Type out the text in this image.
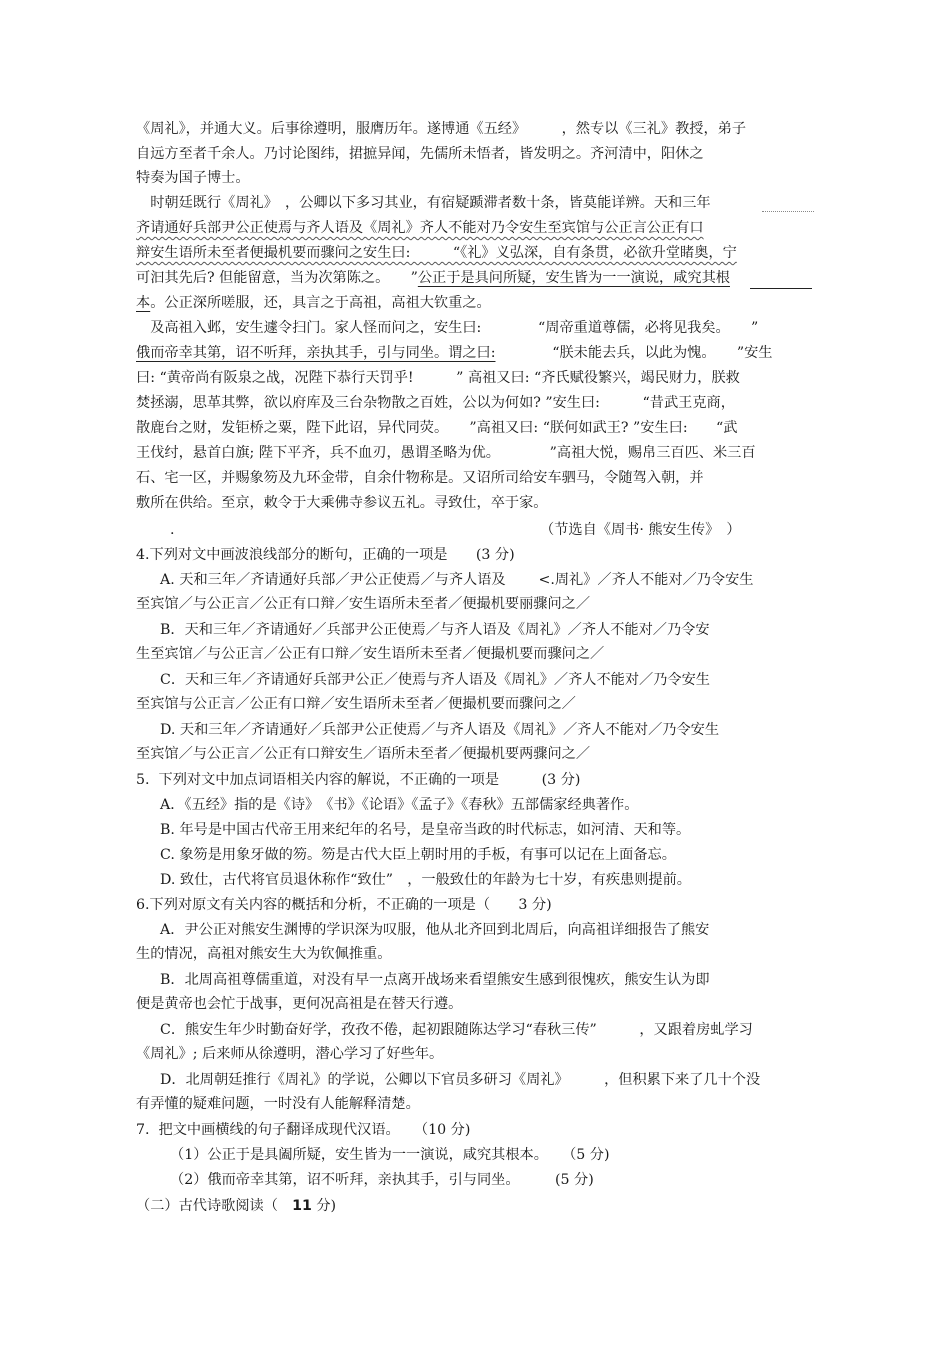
《周礼》，并通大义。后事徐遵明，服膺历年。遂博通《五经》　　　，然专以《三礼》教授，弟子
自远方至者千余人。乃讨论图纬，捃摭异闻，先儒所未悟者，皆发明之。齐河清中，阳休之
特奏为国子博士。
　时朝廷既行《周礼》　，公卿以下多习其业，有宿疑踬滞者数十条，皆莫能详辨。天和三年
齐请通好兵部尹公正使焉与齐人语及《周礼》齐人不能对乃令安生至宾馆与公正言公正有口
辩安生语所未至者便撮机要而骤问之安生曰:　　　“《礼》义弘深，自有条贯，必欲升堂睹奥，宁
可汩其先后? 但能留意，当为次第陈之。　　”公正于是具问所疑，安生皆为一一演说，咸究其根
本。公正深所嗟服，还，具言之于高祖，高祖大钦重之。
　及高祖入邺，安生遽令扫门。家人怪而问之，安生曰:　　　　“周帝重道尊儒，必将见我矣。　　”
俄而帝幸其第，诏不听拜，亲执其手，引与同坐。谓之曰:　　　　“朕未能去兵，以此为愧。　　”安生
曰: “黄帝尚有阪泉之战，况陛下恭行天罚乎!　　　” 高祖又曰: “齐氏赋役繁兴，竭民财力，朕救
焚拯溺，思革其弊，欲以府库及三台杂物散之百姓，公以为何如? ”安生曰:　　　“昔武王克商，
散鹿台之财，发钜桥之粟，陛下此诏，异代同荧。　　”高祖又曰: “朕何如武王? ”安生曰:　　“武
王伐纣，悬首白旗; 陛下平齐，兵不血刃，愚谓圣略为优。　　　　”高祖大悦，赐帛三百匹、米三百
石、宅一区，并赐象笏及九环金带，自余什物称是。又诏所司给安车驷马，令随驾入朝，并
敷所在供给。至京，敕令于大乘佛寺参议五礼。寻致仕，卒于家。
.	（节选自《周书· 熊安生传》　）
4.下列对文中画波浪线部分的断句，正确的一项是　　(3 分)
A. 天和三年／齐请通好兵部／尹公正使焉／与齐人语及　　 <.周礼》／齐人不能对／乃令安生
至宾馆／与公正言／公正有口辩／安生语所未至者／便撮机要丽骤问之／
B．天和三年／齐请通好／兵部尹公正使焉／与齐人语及《周礼》／齐人不能对／乃令安
生至宾馆／与公正言／公正有口辩／安生语所未至者／便撮机要而骤问之／
C．天和三年／齐请通好兵部尹公正／使焉与齐人语及《周礼》／齐人不能对／乃令安生
至宾馆与公正言／公正有口辩／安生语所未至者／便撮机要而骤问之／
D. 天和三年／齐请通好／兵部尹公正使焉／与齐人语及《周礼》／齐人不能对／乃令安生
至宾馆／与公正言／公正有口辩安生／语所未至者／便撮机要两骤问之／
5.  下列对文中加点词语相关内容的解说，不正确的一项是　　　(3 分)
A．《五经》指的是《诗》　《书》《论语》《孟子》《春秋》五部儒家经典著作。
B. 年号是中国古代帝王用来纪年的名号，是皇帝当政的时代标志，如河清、天和等。
C. 象笏是用象牙做的笏。笏是古代大臣上朝时用的手板，有事可以记在上面备忘。
D. 致仕，古代将官员退休称作“致仕”　，一般致仕的年龄为七十岁，有疾患则提前。
6.下列对原文有关内容的概括和分析，不正确的一项是（　　3 分)
A．尹公正对熊安生渊博的学识深为叹服，他从北齐回到北周后，向高祖详细报告了熊安
生的情况，高祖对熊安生大为钦佩推重。
B．北周高祖尊儒重道，对没有早一点离开战场来看望熊安生感到很愧疚，熊安生认为即
便是黄帝也会忙于战事，更何况高祖是在替天行遵。
C．熊安生年少时勤奋好学，孜孜不倦，起初跟随陈达学习“春秋三传”　　　，又跟着房虬学习
《周礼》; 后来师从徐遵明，潜心学习了好些年。
D．北周朝廷推行《周礼》的学说，公卿以下官员多研习《周礼》　　　，但积累下来了几十个没
有弄懂的疑难问题，一时没有人能解释清楚。
7.  把文中画横线的句子翻译成现代汉语。　　（10 分)
（1）公正于是具阖所疑，安生皆为一一演说，咸究其根本。　　（5 分)
（2）俄而帝幸其第，诏不听拜，亲执其手，引与同坐。　　　(5 分)
（二）古代诗歌阅读（　11 分)
